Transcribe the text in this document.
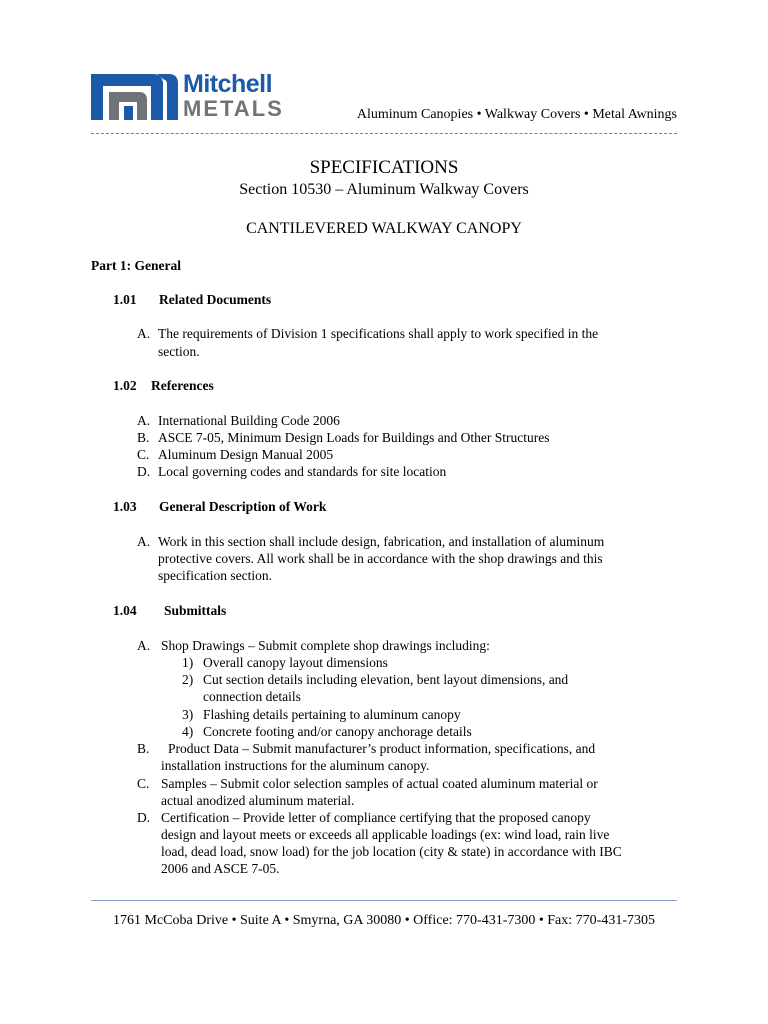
Mitchell
METALS	Aluminum Canopies • Walkway Covers • Metal Awnings
SPECIFICATIONS
Section 10530 – Aluminum Walkway Covers
CANTILEVERED WALKWAY CANOPY
Part 1: General
1.01 Related Documents
A. The requirements of Division 1 specifications shall apply to work specified in the
section.
1.02 References
A. International Building Code 2006
B. ASCE 7-05, Minimum Design Loads for Buildings and Other Structures
C. Aluminum Design Manual 2005
D. Local governing codes and standards for site location
1.03 General Description of Work
A. Work in this section shall include design, fabrication, and installation of aluminum
protective covers. All work shall be in accordance with the shop drawings and this
specification section.
1.04 Submittals
A. Shop Drawings – Submit complete shop drawings including:
1) Overall canopy layout dimensions
2) Cut section details including elevation, bent layout dimensions, and
connection details
3) Flashing details pertaining to aluminum canopy
4) Concrete footing and/or canopy anchorage details
B. Product Data – Submit manufacturer’s product information, specifications, and
installation instructions for the aluminum canopy.
C. Samples – Submit color selection samples of actual coated aluminum material or
actual anodized aluminum material.
D. Certification – Provide letter of compliance certifying that the proposed canopy
design and layout meets or exceeds all applicable loadings (ex: wind load, rain live
load, dead load, snow load) for the job location (city & state) in accordance with IBC
2006 and ASCE 7-05.
1761 McCoba Drive • Suite A • Smyrna, GA 30080 • Office: 770-431-7300 • Fax: 770-431-7305
